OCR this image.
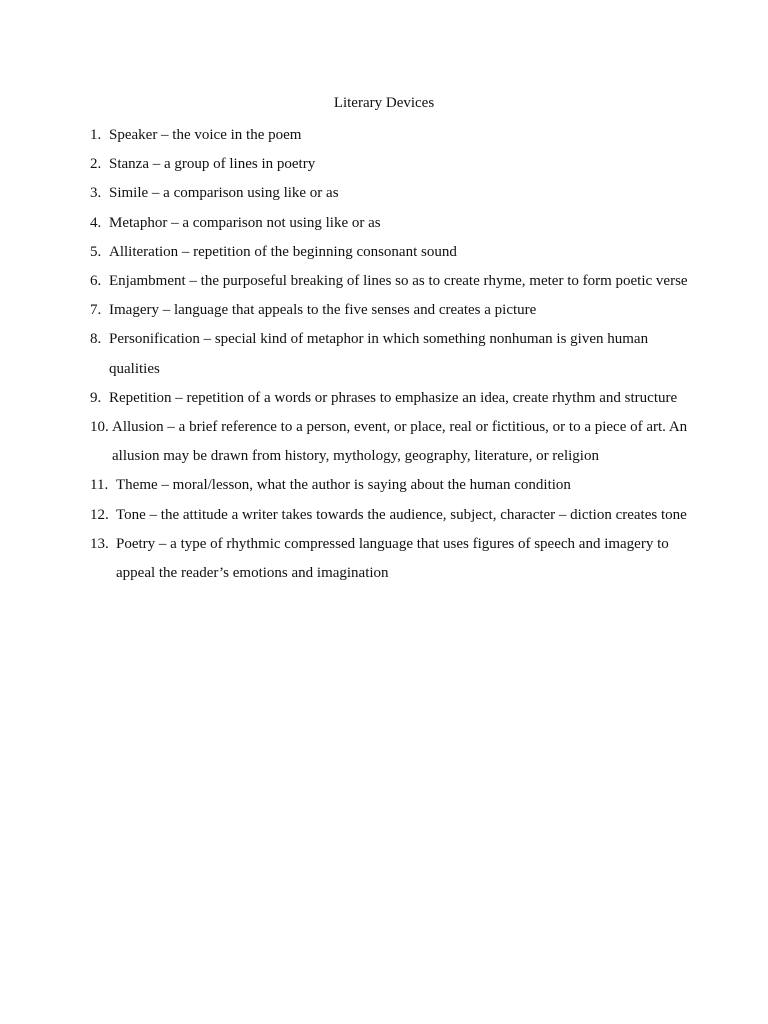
Literary Devices
1. Speaker – the voice in the poem
2. Stanza – a group of lines in poetry
3. Simile – a comparison using like or as
4. Metaphor – a comparison not using like or as
5. Alliteration – repetition of the beginning consonant sound
6. Enjambment – the purposeful breaking of lines so as to create rhyme, meter to form poetic verse
7. Imagery – language that appeals to the five senses and creates a picture
8. Personification – special kind of metaphor in which something nonhuman is given human qualities
9. Repetition – repetition of a words or phrases to emphasize an idea, create rhythm and structure
10. Allusion – a brief reference to a person, event, or place, real or fictitious, or to a piece of art. An allusion may be drawn from history, mythology, geography, literature, or religion
11. Theme – moral/lesson, what the author is saying about the human condition
12. Tone – the attitude a writer takes towards the audience, subject, character – diction creates tone
13. Poetry – a type of rhythmic compressed language that uses figures of speech and imagery to appeal the reader’s emotions and imagination
